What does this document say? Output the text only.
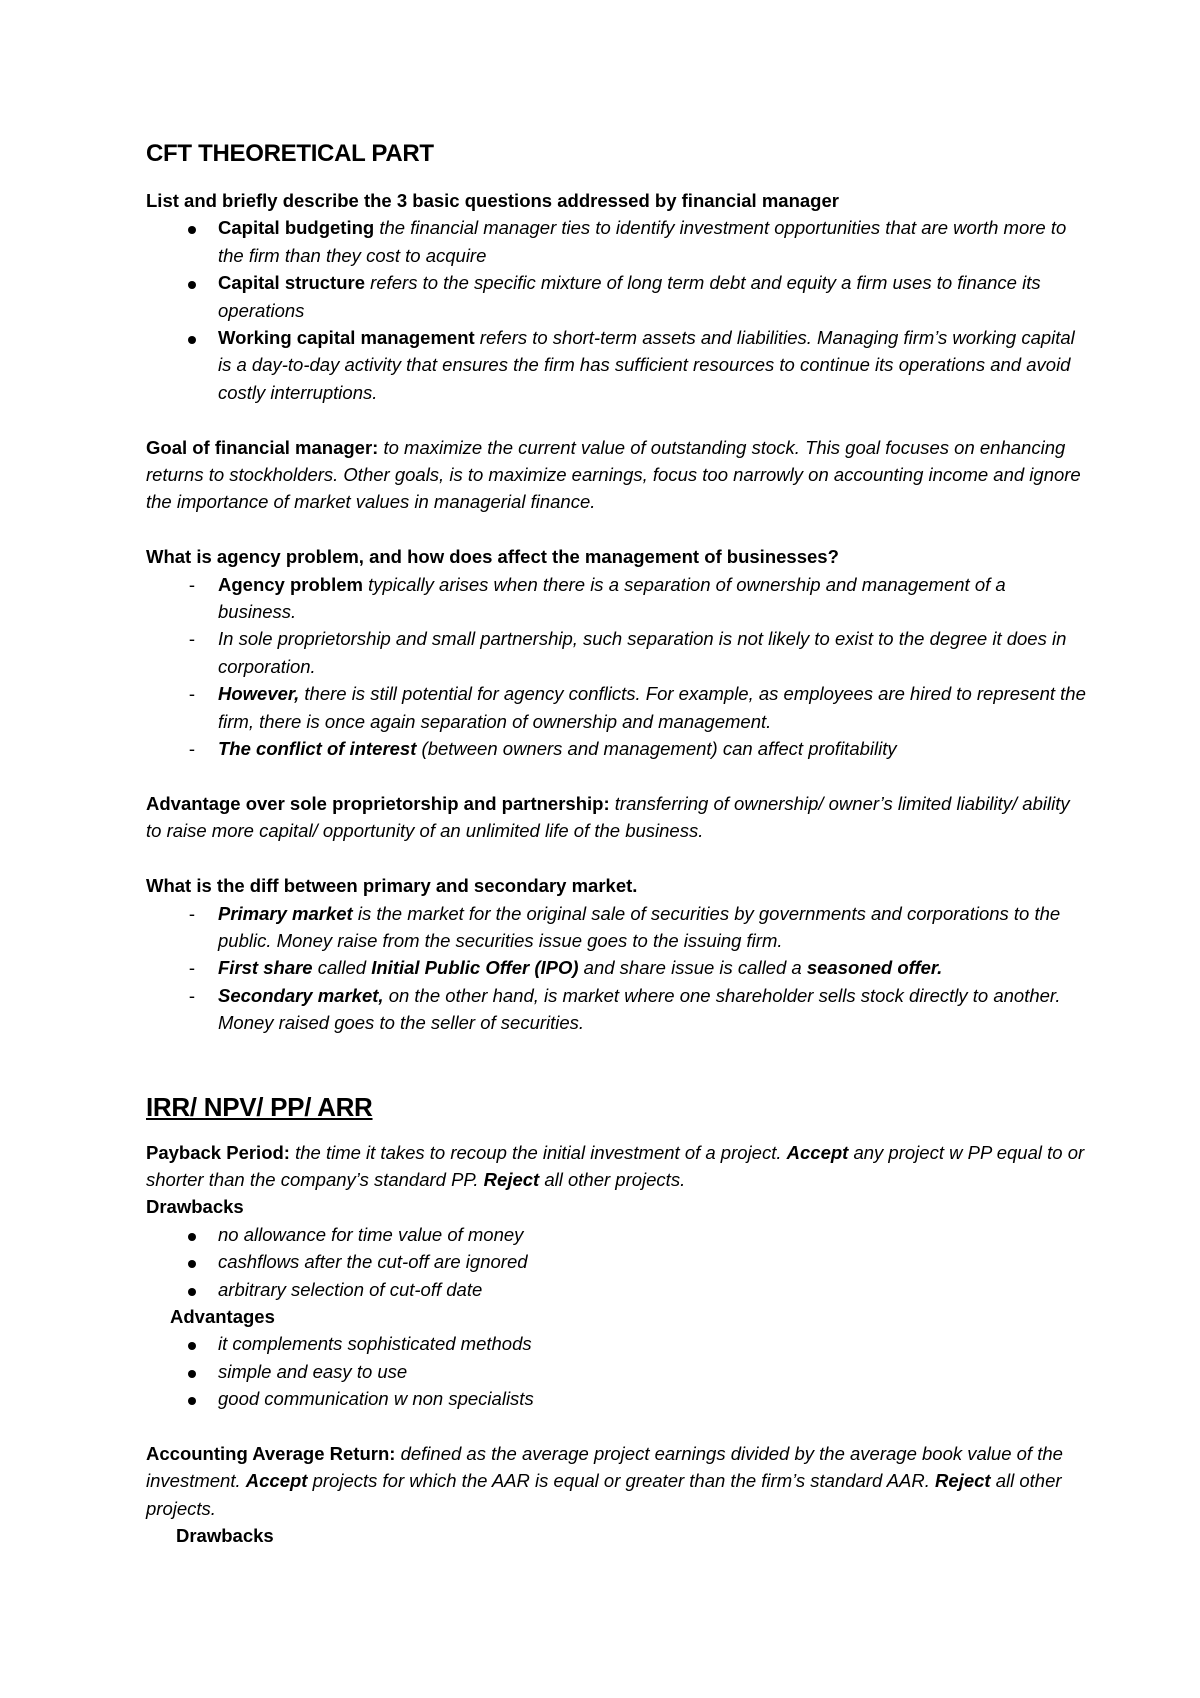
CFT THEORETICAL PART

List and briefly describe the 3 basic questions addressed by financial manager

Capital budgeting the financial manager ties to identify investment opportunities that are worth more to the firm than they cost to acquire
Capital structure refers to the specific mixture of long term debt and equity a firm uses to finance its operations
Working capital management refers to short-term assets and liabilities. Managing firm’s working capital is a day-to-day activity that ensures the firm has sufficient resources to continue its operations and avoid costly interruptions.

Goal of financial manager: to maximize the current value of outstanding stock. This goal focuses on enhancing returns to stockholders. Other goals, is to maximize earnings, focus too narrowly on accounting income and ignore the importance of market values in managerial finance.

What is agency problem, and how does affect the management of businesses?

-	Agency problem typically arises when there is a separation of ownership and management of a business.
-	In sole proprietorship and small partnership, such separation is not likely to exist to the degree it does in corporation.
-	However, there is still potential for agency conflicts. For example, as employees are hired to represent the firm, there is once again separation of ownership and management.
-	The conflict of interest (between owners and management) can affect profitability

Advantage over sole proprietorship and partnership: transferring of ownership/ owner’s limited liability/ ability to raise more capital/ opportunity of an unlimited life of the business.

What is the diff between primary and secondary market.

-	Primary market is the market for the original sale of securities by governments and corporations to the public. Money raise from the securities issue goes to the issuing firm.
-	First share called Initial Public Offer (IPO) and share issue is called a seasoned offer.
-	Secondary market, on the other hand, is market where one shareholder sells stock directly to another. Money raised goes to the seller of securities.
IRR/ NPV/ PP/ ARR

Payback Period: the time it takes to recoup the initial investment of a project. Accept any project w PP equal to or shorter than the company’s standard PP. Reject all other projects.

Drawbacks

no allowance for time value of money
cashflows after the cut-off are ignored
arbitrary selection of cut-off date

Advantages

it complements sophisticated methods
simple and easy to use
good communication w non specialists

Accounting Average Return: defined as the average project earnings divided by the average book value of the investment. Accept projects for which the AAR is equal or greater than the firm’s standard AAR. Reject all other projects.

Drawbacks
